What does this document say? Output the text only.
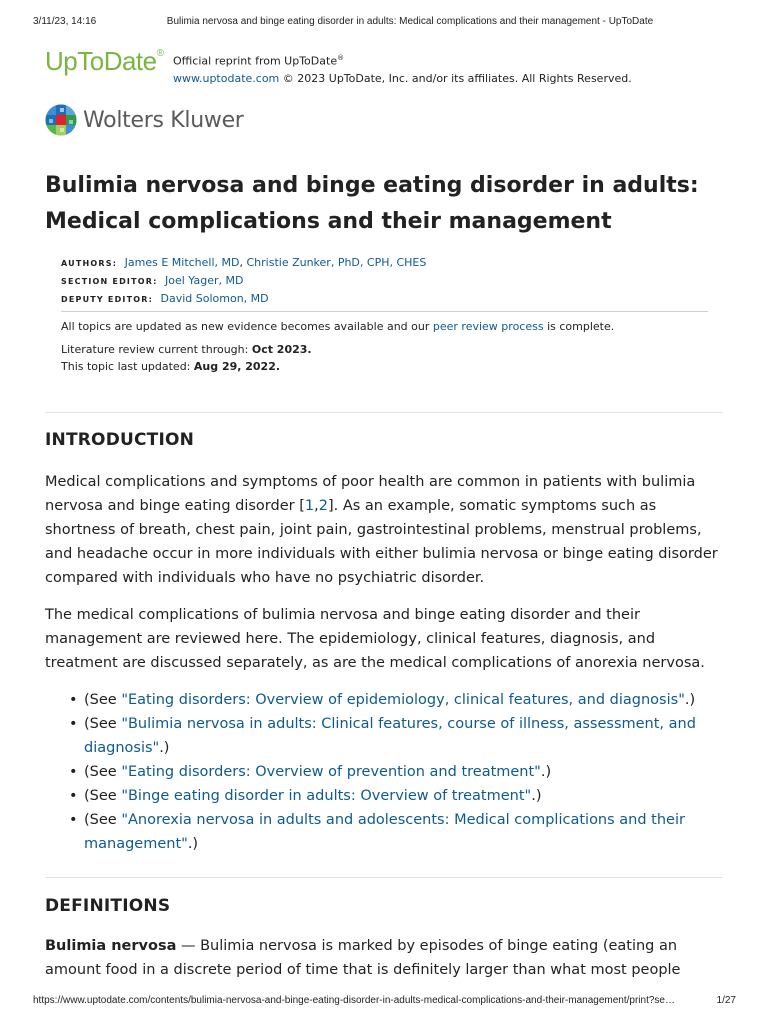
3/11/23, 14:16	Bulimia nervosa and binge eating disorder in adults: Medical complications and their management - UpToDate
UpToDate®
Official reprint from UpToDate®
www.uptodate.com © 2023 UpToDate, Inc. and/or its affiliates. All Rights Reserved.
Wolters Kluwer
Bulimia nervosa and binge eating disorder in adults: Medical complications and their management
AUTHORS: James E Mitchell, MD, Christie Zunker, PhD, CPH, CHES
SECTION EDITOR: Joel Yager, MD
DEPUTY EDITOR: David Solomon, MD

All topics are updated as new evidence becomes available and our peer review process is complete.

Literature review current through: Oct 2023.

This topic last updated: Aug 29, 2022.

INTRODUCTION

Medical complications and symptoms of poor health are common in patients with bulimia nervosa and binge eating disorder [1,2]. As an example, somatic symptoms such as shortness of breath, chest pain, joint pain, gastrointestinal problems, menstrual problems, and headache occur in more individuals with either bulimia nervosa or binge eating disorder compared with individuals who have no psychiatric disorder.

The medical complications of bulimia nervosa and binge eating disorder and their management are reviewed here. The epidemiology, clinical features, diagnosis, and treatment are discussed separately, as are the medical complications of anorexia nervosa.

• (See "Eating disorders: Overview of epidemiology, clinical features, and diagnosis".)
• (See "Bulimia nervosa in adults: Clinical features, course of illness, assessment, and diagnosis".)
• (See "Eating disorders: Overview of prevention and treatment".)
• (See "Binge eating disorder in adults: Overview of treatment".)
• (See "Anorexia nervosa in adults and adolescents: Medical complications and their management".)
DEFINITIONS

Bulimia nervosa — Bulimia nervosa is marked by episodes of binge eating (eating an amount food in a discrete period of time that is definitely larger than what most people

https://www.uptodate.com/contents/bulimia-nervosa-and-binge-eating-disorder-in-adults-medical-complications-and-their-management/print?se…	1/27
